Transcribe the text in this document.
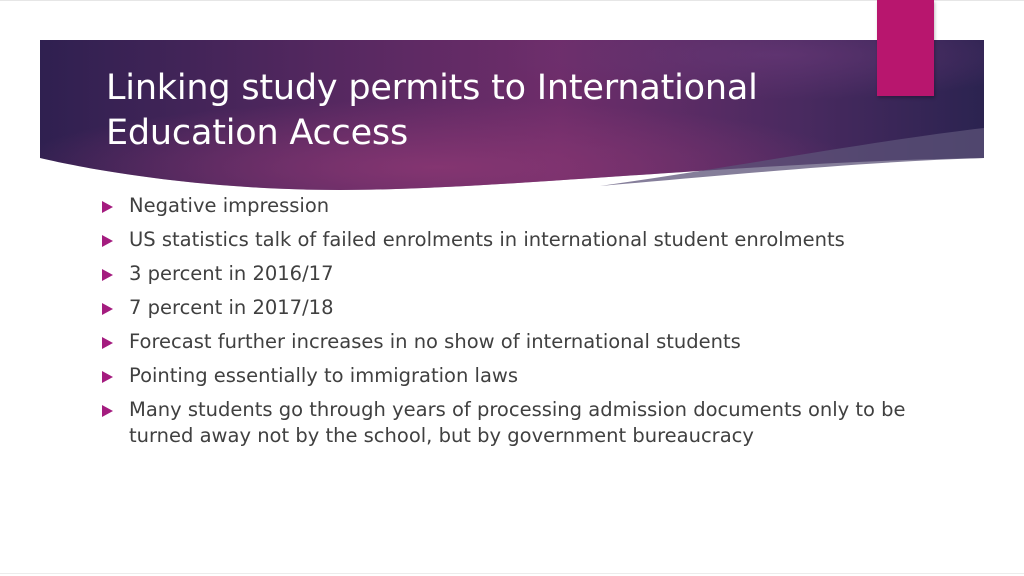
Linking study permits to International Education Access
Negative impression
US statistics talk of failed enrolments in international student enrolments
3 percent in 2016/17
7 percent in 2017/18
Forecast further increases in no show of international students
Pointing essentially to immigration laws
Many students go through years of processing admission documents only to be turned away not by the school, but by government bureaucracy
